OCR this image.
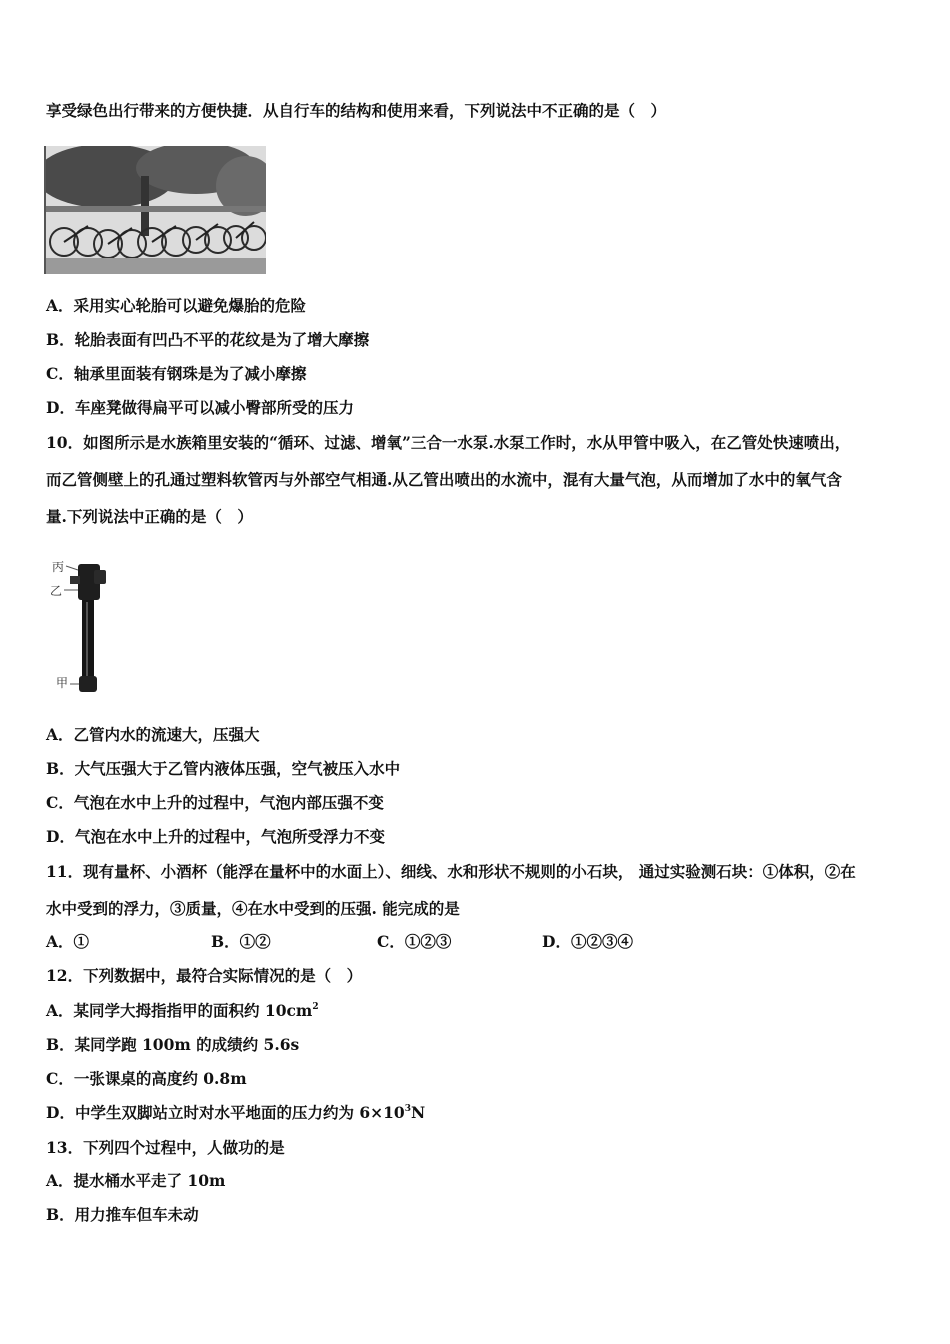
享受绿色出行带来的方便快捷．从自行车的结构和使用来看，下列说法中不正确的是（　）
A．采用实心轮胎可以避免爆胎的危险
B．轮胎表面有凹凸不平的花纹是为了增大摩擦
C．轴承里面装有钢珠是为了减小摩擦
D．车座凳做得扁平可以减小臀部所受的压力
10．如图所示是水族箱里安装的“循环、过滤、增氧”三合一水泵.水泵工作时，水从甲管中吸入，在乙管处快速喷出，
而乙管侧壁上的孔通过塑料软管丙与外部空气相通.从乙管出喷出的水流中，混有大量气泡，从而增加了水中的氧气含
量.下列说法中正确的是（　）
丙
乙
甲
A．乙管内水的流速大，压强大
B．大气压强大于乙管内液体压强，空气被压入水中
C．气泡在水中上升的过程中，气泡内部压强不变
D．气泡在水中上升的过程中，气泡所受浮力不变
11．现有量杯、小酒杯（能浮在量杯中的水面上）、细线、水和形状不规则的小石块， 通过实验测石块：①体积，②在
水中受到的浮力，③质量，④在水中受到的压强. 能完成的是
A．①	B．①②	C．①②③	D．①②③④
12．下列数据中，最符合实际情况的是（　）
A．某同学大拇指指甲的面积约 $10cm^2$
B．某同学跑 100m 的成绩约 5.6s
C．一张课桌的高度约 0.8m
D．中学生双脚站立时对水平地面的压力约为 $6\times 10^3N$
13．下列四个过程中，人做功的是
A．提水桶水平走了 10m
B．用力推车但车未动
